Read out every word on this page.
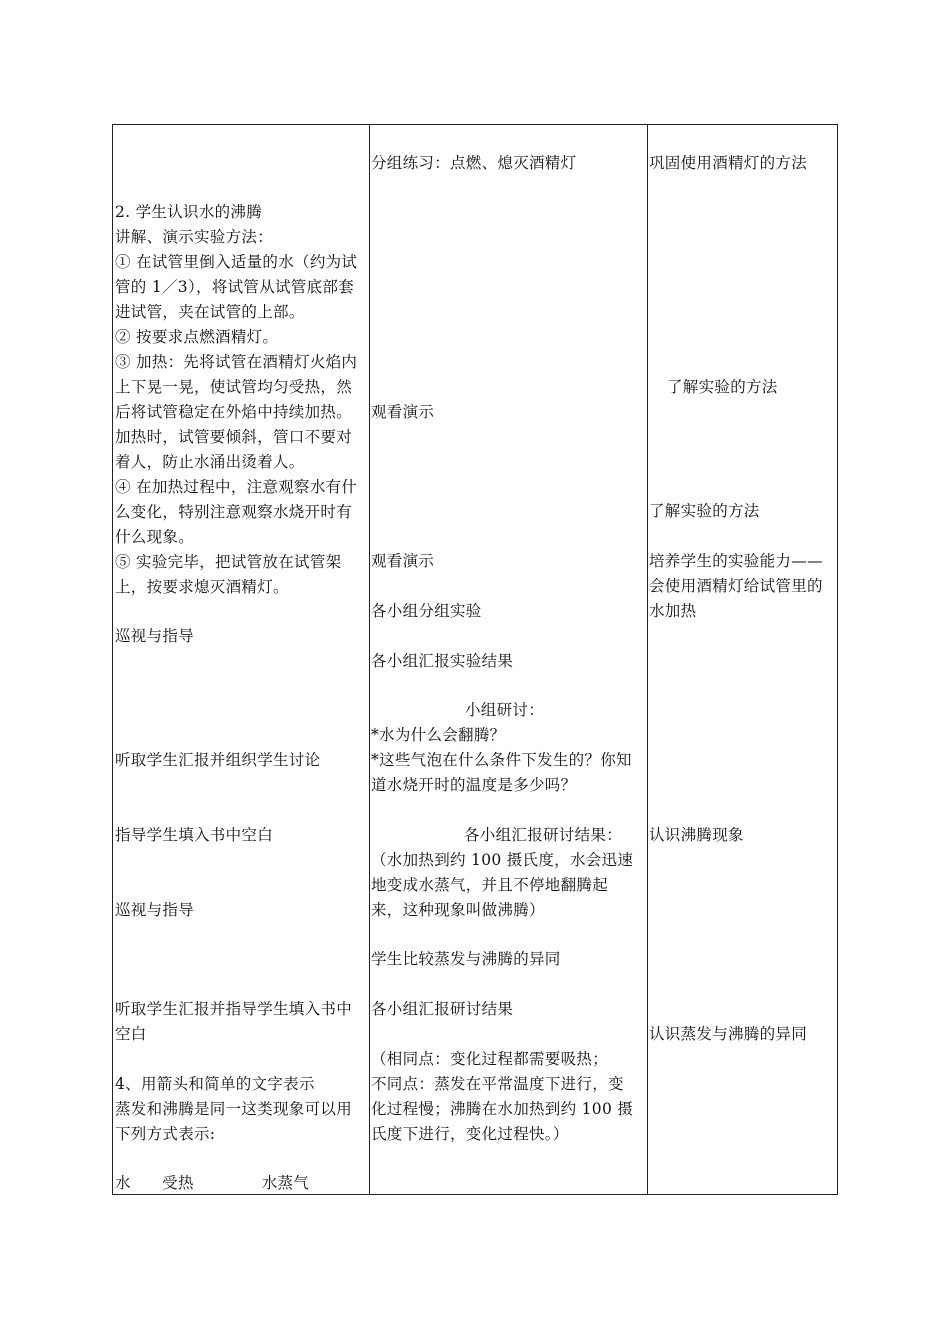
2. 学生认识水的沸腾
讲解、演示实验方法：
① 在试管里倒入适量的水（约为试
管的 1／3），将试管从试管底部套
进试管，夹在试管的上部。
② 按要求点燃酒精灯。
③ 加热：先将试管在酒精灯火焰内
上下晃一晃，使试管均匀受热，然
后将试管稳定在外焰中持续加热。
加热时，试管要倾斜，管口不要对
着人，防止水涌出烫着人。
④ 在加热过程中，注意观察水有什
么变化，特别注意观察水烧开时有
什么现象。
⑤ 实验完毕，把试管放在试管架
上，按要求熄灭酒精灯。
巡视与指导
听取学生汇报并组织学生讨论
指导学生填入书中空白
巡视与指导
听取学生汇报并指导学生填入书中
空白
4、用箭头和简单的文字表示
蒸发和沸腾是同一这类现象可以用
下列方式表示:
水      受热             水蒸气
分组练习：点燃、熄灭酒精灯
观看演示
观看演示
各小组分组实验
各小组汇报实验结果
小组研讨：
*水为什么会翻腾？
*这些气泡在什么条件下发生的？你知
道水烧开时的温度是多少吗？
各小组汇报研讨结果：
（水加热到约 100 摄氏度，水会迅速
地变成水蒸气，并且不停地翻腾起
来，这种现象叫做沸腾）
学生比较蒸发与沸腾的异同
各小组汇报研讨结果
（相同点：变化过程都需要吸热；
不同点：蒸发在平常温度下进行，变
化过程慢；沸腾在水加热到约 100 摄
氏度下进行，变化过程快。）
巩固使用酒精灯的方法
了解实验的方法
了解实验的方法
培养学生的实验能力——
会使用酒精灯给试管里的
水加热
认识沸腾现象
认识蒸发与沸腾的异同
